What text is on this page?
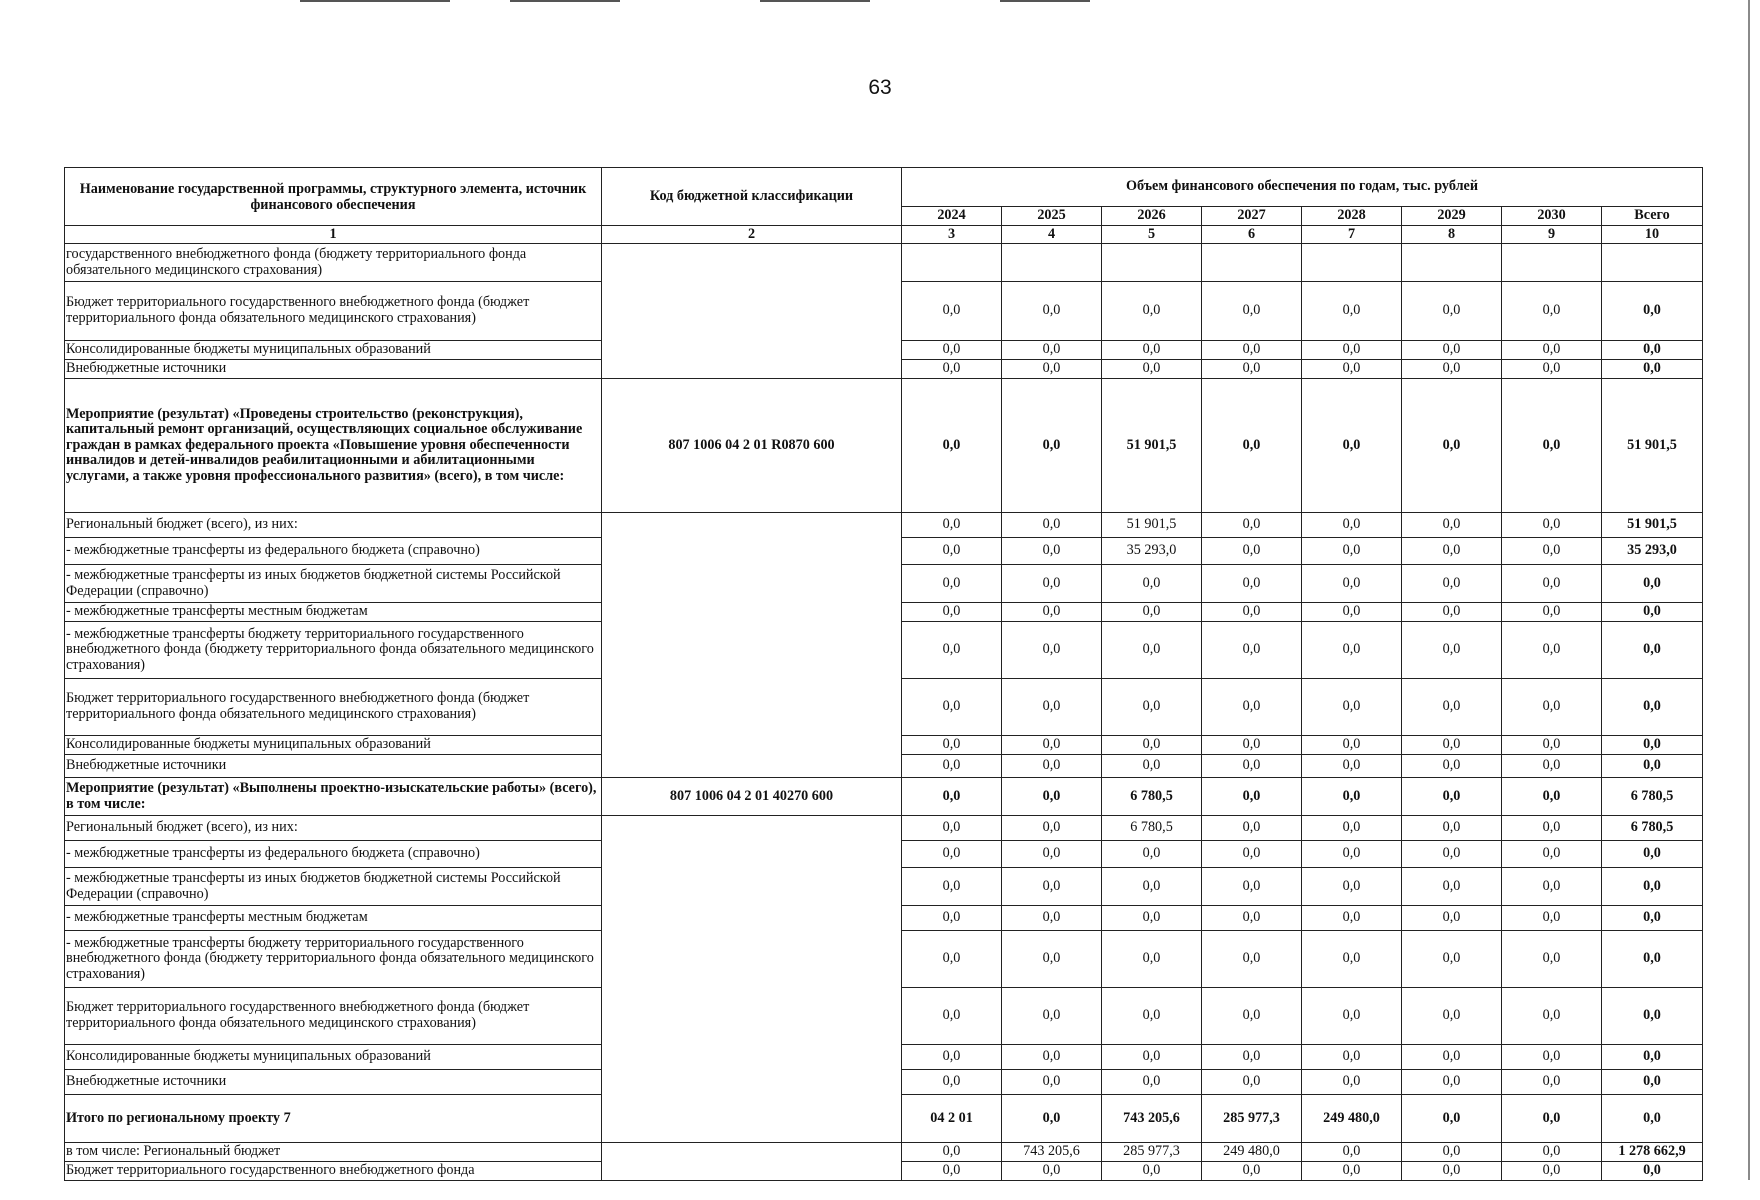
63
Наименование государственной программы, структурного элемента, источник финансового обеспечения	Код бюджетной классификации	Объем финансового обеспечения по годам, тыс. рублей								
		2024	2025	2026	2027	2028	2029	2030	Всего	
1	2	3	4	5	6	7	8	9	10	
государственного внебюджетного фонда (бюджету территориального фонда обязательного медицинского страхования)										
Бюджет территориального государственного внебюджетного фонда (бюджет территориального фонда обязательного медицинского страхования)		0,0	0,0	0,0	0,0	0,0	0,0	0,0	0,0	
Консолидированные бюджеты муниципальных образований		0,0	0,0	0,0	0,0	0,0	0,0	0,0	0,0	
Внебюджетные источники		0,0	0,0	0,0	0,0	0,0	0,0	0,0	0,0	
Мероприятие (результат) «Проведены строительство (реконструкция), капитальный ремонт организаций, осуществляющих социальное обслуживание граждан в рамках федерального проекта «Повышение уровня обеспеченности инвалидов и детей-инвалидов реабилитационными и абилитационными услугами, а также уровня профессионального развития» (всего), в том числе:	807 1006 04 2 01 R0870 600	0,0	0,0	51 901,5	0,0	0,0	0,0	0,0	51 901,5	
Региональный бюджет (всего), из них:		0,0	0,0	51 901,5	0,0	0,0	0,0	0,0	51 901,5	
- межбюджетные трансферты из федерального бюджета (справочно)		0,0	0,0	35 293,0	0,0	0,0	0,0	0,0	35 293,0	
- межбюджетные трансферты из иных бюджетов бюджетной системы Российской Федерации (справочно)		0,0	0,0	0,0	0,0	0,0	0,0	0,0	0,0	
- межбюджетные трансферты местным бюджетам		0,0	0,0	0,0	0,0	0,0	0,0	0,0	0,0	
- межбюджетные трансферты бюджету территориального государственного внебюджетного фонда (бюджету территориального фонда обязательного медицинского страхования)		0,0	0,0	0,0	0,0	0,0	0,0	0,0	0,0	
Бюджет территориального государственного внебюджетного фонда (бюджет территориального фонда обязательного медицинского страхования)		0,0	0,0	0,0	0,0	0,0	0,0	0,0	0,0	
Консолидированные бюджеты муниципальных образований		0,0	0,0	0,0	0,0	0,0	0,0	0,0	0,0	
Внебюджетные источники		0,0	0,0	0,0	0,0	0,0	0,0	0,0	0,0	
Мероприятие (результат) «Выполнены проектно-изыскательские работы» (всего), в том числе:	807 1006 04 2 01 40270 600	0,0	0,0	6 780,5	0,0	0,0	0,0	0,0	6 780,5	
Региональный бюджет (всего), из них:		0,0	0,0	6 780,5	0,0	0,0	0,0	0,0	6 780,5	
- межбюджетные трансферты из федерального бюджета (справочно)		0,0	0,0	0,0	0,0	0,0	0,0	0,0	0,0	
- межбюджетные трансферты из иных бюджетов бюджетной системы Российской Федерации (справочно)		0,0	0,0	0,0	0,0	0,0	0,0	0,0	0,0	
- межбюджетные трансферты местным бюджетам		0,0	0,0	0,0	0,0	0,0	0,0	0,0	0,0	
- межбюджетные трансферты бюджету территориального государственного внебюджетного фонда (бюджету территориального фонда обязательного медицинского страхования)		0,0	0,0	0,0	0,0	0,0	0,0	0,0	0,0	
Бюджет территориального государственного внебюджетного фонда (бюджет территориального фонда обязательного медицинского страхования)		0,0	0,0	0,0	0,0	0,0	0,0	0,0	0,0	
Консолидированные бюджеты муниципальных образований		0,0	0,0	0,0	0,0	0,0	0,0	0,0	0,0	
Внебюджетные источники		0,0	0,0	0,0	0,0	0,0	0,0	0,0	0,0	
Итого по региональному проекту 7		04 2 01	0,0	743 205,6	285 977,3	249 480,0	0,0	0,0	0,0	
в том числе: Региональный бюджет		0,0	743 205,6	285 977,3	249 480,0	0,0	0,0	0,0	1 278 662,9	
Бюджет территориального государственного внебюджетного фонда		0,0	0,0	0,0	0,0	0,0	0,0	0,0	0,0	
